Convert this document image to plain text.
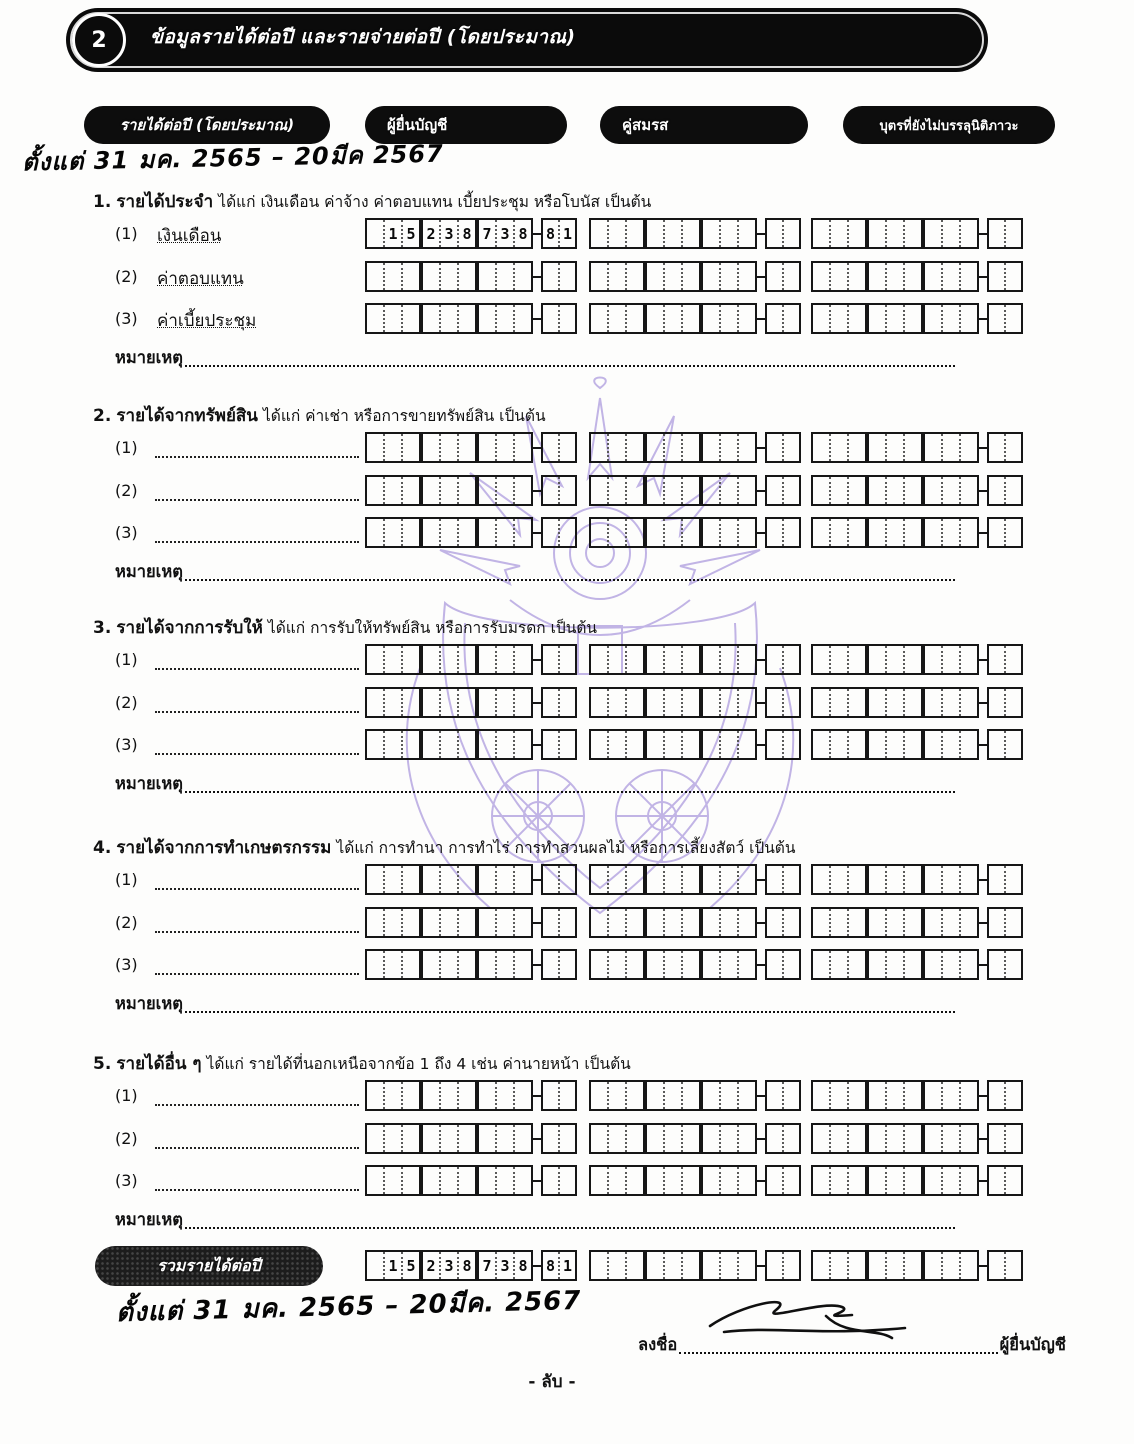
2	ข้อมูลรายได้ต่อปี และรายจ่ายต่อปี (โดยประมาณ)
รายได้ต่อปี (โดยประมาณ)	ผู้ยื่นบัญชี	คู่สมรส	บุตรที่ยังไม่บรรลุนิติภาวะ
ตั้งแต่ 31 มค. 2565 – 20มีค 2567
ตั้งแต่ 31 มค. 2565 – 20มีค. 2567
1. รายได้ประจำ ได้แก่ เงินเดือน ค่าจ้าง ค่าตอบแทน เบี้ยประชุม หรือโบนัส เป็นต้น
(1) เงินเดือน	1 5 2 3 8 7 3 8 8 1
(2) ค่าตอบแทน
(3) ค่าเบี้ยประชุม
หมายเหตุ
2. รายได้จากทรัพย์สิน ได้แก่ ค่าเช่า หรือการขายทรัพย์สิน เป็นต้น
(1)
(2)
(3)
หมายเหตุ
3. รายได้จากการรับให้ ได้แก่ การรับให้ทรัพย์สิน หรือการรับมรดก เป็นต้น
(1)
(2)
(3)
หมายเหตุ
4. รายได้จากการทำเกษตรกรรม ได้แก่ การทำนา การทำไร่ การทำสวนผลไม้ หรือการเลี้ยงสัตว์ เป็นต้น
(1)
(2)
(3)
หมายเหตุ
5. รายได้อื่น ๆ ได้แก่ รายได้ที่นอกเหนือจากข้อ 1 ถึง 4 เช่น ค่านายหน้า เป็นต้น
(1)
(2)
(3)
หมายเหตุ
รวมรายได้ต่อปี	1 5 2 3 8 7 3 8 8 1
ลงชื่อ	ผู้ยื่นบัญชี
- ลับ -
